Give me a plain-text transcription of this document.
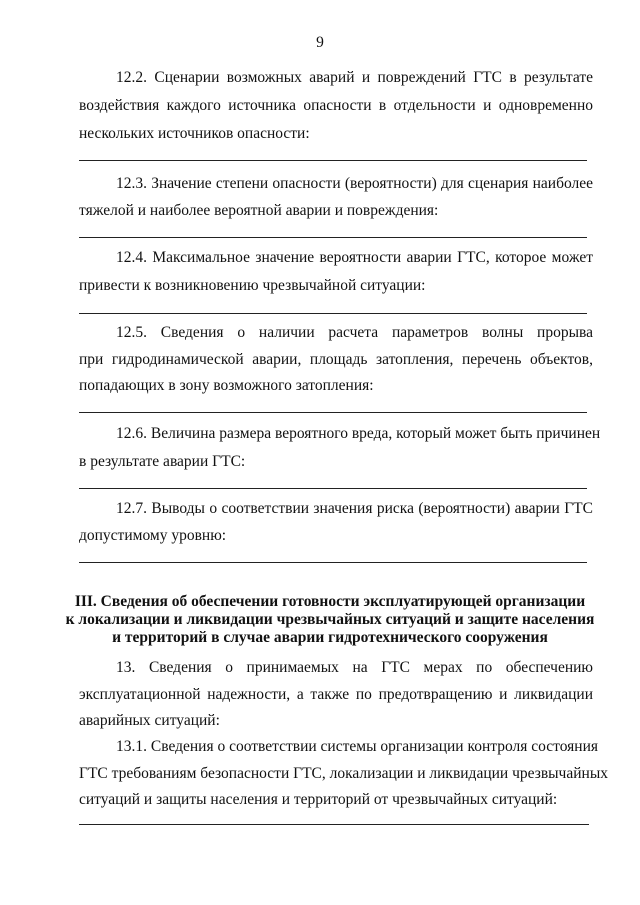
9
12.2. Сценарии возможных аварий и повреждений ГТС в результате
воздействия каждого источника опасности в отдельности и одновременно
нескольких источников опасности:
12.3. Значение степени опасности (вероятности) для сценария наиболее
тяжелой и наиболее вероятной аварии и повреждения:
12.4. Максимальное значение вероятности аварии ГТС, которое может
привести к возникновению чрезвычайной ситуации:
12.5. Сведения о наличии расчета параметров волны прорыва
при гидродинамической аварии, площадь затопления, перечень объектов,
попадающих в зону возможного затопления:
12.6. Величина размера вероятного вреда, который может быть причинен
в результате аварии ГТС:
12.7. Выводы о соответствии значения риска (вероятности) аварии ГТС
допустимому уровню:
III. Сведения об обеспечении готовности эксплуатирующей организации
к локализации и ликвидации чрезвычайных ситуаций и защите населения
и территорий в случае аварии гидротехнического сооружения
13. Сведения о принимаемых на ГТС мерах по обеспечению
эксплуатационной надежности, а также по предотвращению и ликвидации
аварийных ситуаций:
13.1. Сведения о соответствии системы организации контроля состояния
ГТС требованиям безопасности ГТС, локализации и ликвидации чрезвычайных
ситуаций и защиты населения и территорий от чрезвычайных ситуаций:
